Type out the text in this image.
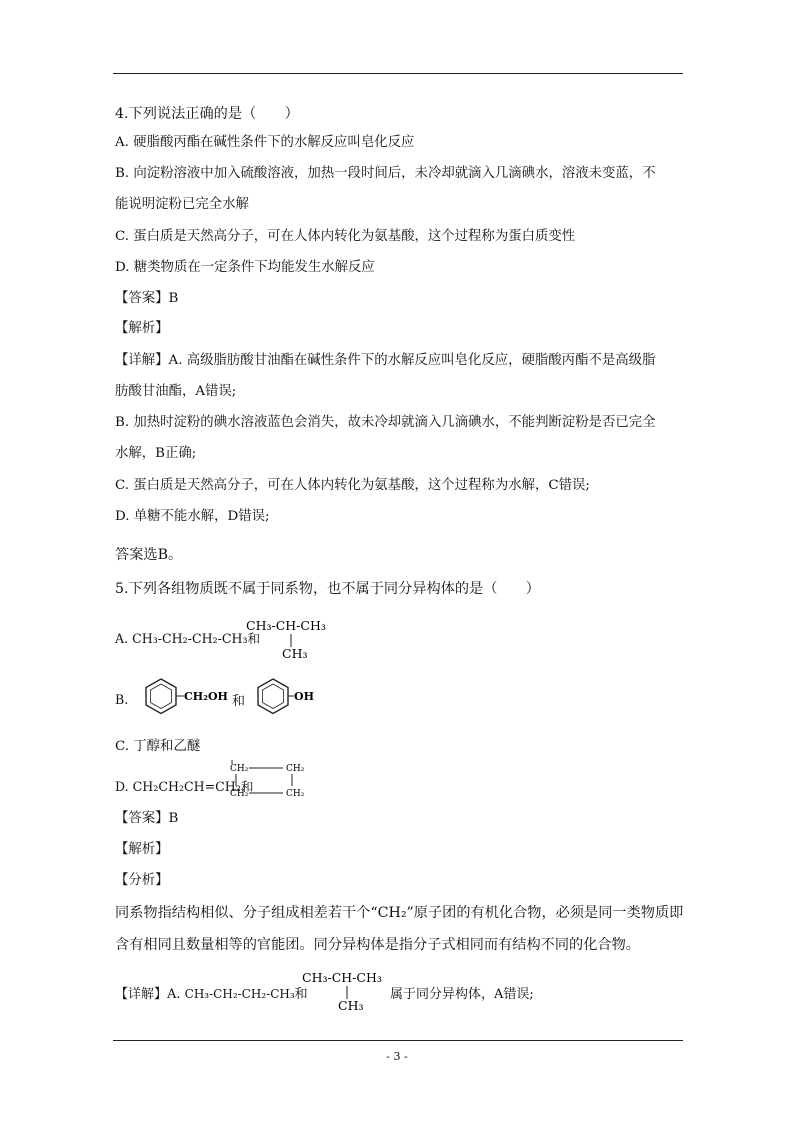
4.下列说法正确的是（　　）
A. 硬脂酸丙酯在碱性条件下的水解反应叫皂化反应
B. 向淀粉溶液中加入硫酸溶液，加热一段时间后，未冷却就滴入几滴碘水，溶液未变蓝，不
能说明淀粉已完全水解
C. 蛋白质是天然高分子，可在人体内转化为氨基酸，这个过程称为蛋白质变性
D. 糖类物质在一定条件下均能发生水解反应
【答案】B
【解析】
【详解】A. 高级脂肪酸甘油酯在碱性条件下的水解反应叫皂化反应，硬脂酸丙酯不是高级脂
肪酸甘油酯，A错误;
B. 加热时淀粉的碘水溶液蓝色会消失，故未冷却就滴入几滴碘水，不能判断淀粉是否已完全
水解，B正确;
C. 蛋白质是天然高分子，可在人体内转化为氨基酸，这个过程称为水解，C错误;
D. 单糖不能水解，D错误;
答案选B。
5.下列各组物质既不属于同系物，也不属于同分异构体的是（　　）
A. CH₃-CH₂-CH₂-CH₃和
CH₃-CH-CH₃
CH₃
B.	CH₂OH 和	OH
C. 丁醇和乙醚
D. CH₂CH₂CH=CH₂和
CH₂	CH₂
CH₂	CH₂
【答案】B
【解析】
【分析】
同系物指结构相似、分子组成相差若干个“CH₂”原子团的有机化合物，必须是同一类物质即
含有相同且数量相等的官能团。同分异构体是指分子式相同而有结构不同的化合物。
【详解】A. CH₃-CH₂-CH₂-CH₃和
CH₃-CH-CH₃
CH₃
属于同分异构体，A错误;
- 3 -
